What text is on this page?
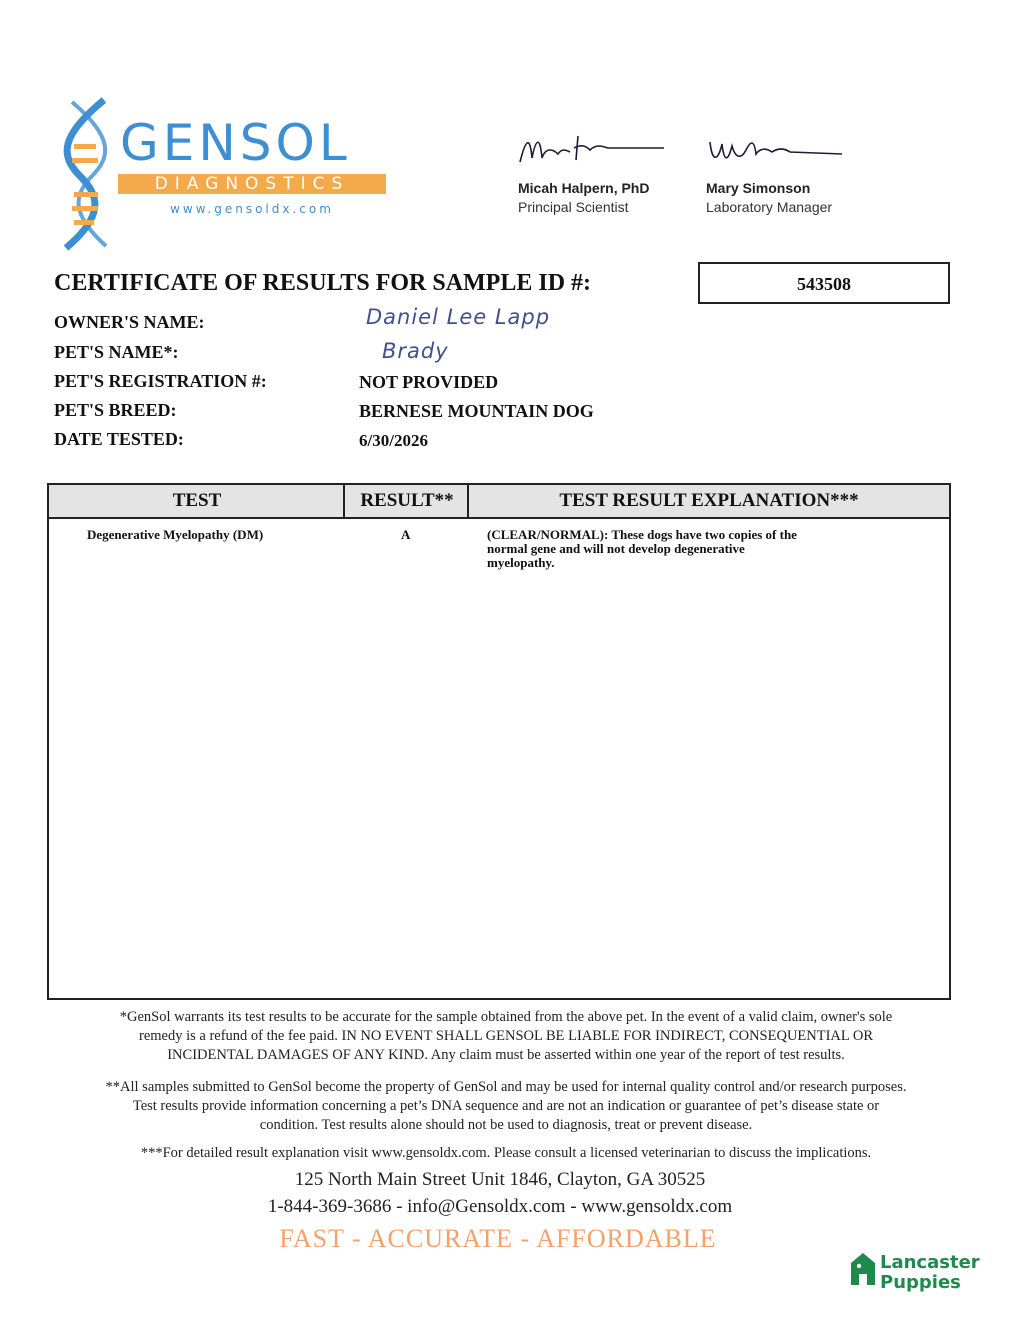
GENSOL
DIAGNOSTICS
www.gensoldx.com
Micah Halpern, PhD
Principal Scientist
Mary Simonson
Laboratory Manager
CERTIFICATE OF RESULTS FOR SAMPLE ID #:	543508
OWNER'S NAME:	Daniel Lee Lapp
PET'S NAME*:	Brady
PET'S REGISTRATION #:	NOT PROVIDED
PET'S BREED:	BERNESE MOUNTAIN DOG
DATE TESTED:	6/30/2026
TEST	RESULT**	TEST RESULT EXPLANATION***
Degenerative Myelopathy (DM)	A	(CLEAR/NORMAL): These dogs have two copies of the
normal gene and will not develop degenerative
myelopathy.
*GenSol warrants its test results to be accurate for the sample obtained from the above pet. In the event of a valid claim, owner's sole
remedy is a refund of the fee paid. IN NO EVENT SHALL GENSOL BE LIABLE FOR INDIRECT, CONSEQUENTIAL OR
INCIDENTAL DAMAGES OF ANY KIND. Any claim must be asserted within one year of the report of test results.
**All samples submitted to GenSol become the property of GenSol and may be used for internal quality control and/or research purposes.
Test results provide information concerning a pet’s DNA sequence and are not an indication or guarantee of pet’s disease state or
condition. Test results alone should not be used to diagnosis, treat or prevent disease.
***For detailed result explanation visit www.gensoldx.com. Please consult a licensed veterinarian to discuss the implications.
125 North Main Street Unit 1846, Clayton, GA 30525
1-844-369-3686 - info@Gensoldx.com - www.gensoldx.com
FAST - ACCURATE - AFFORDABLE
Lancaster
Puppies
